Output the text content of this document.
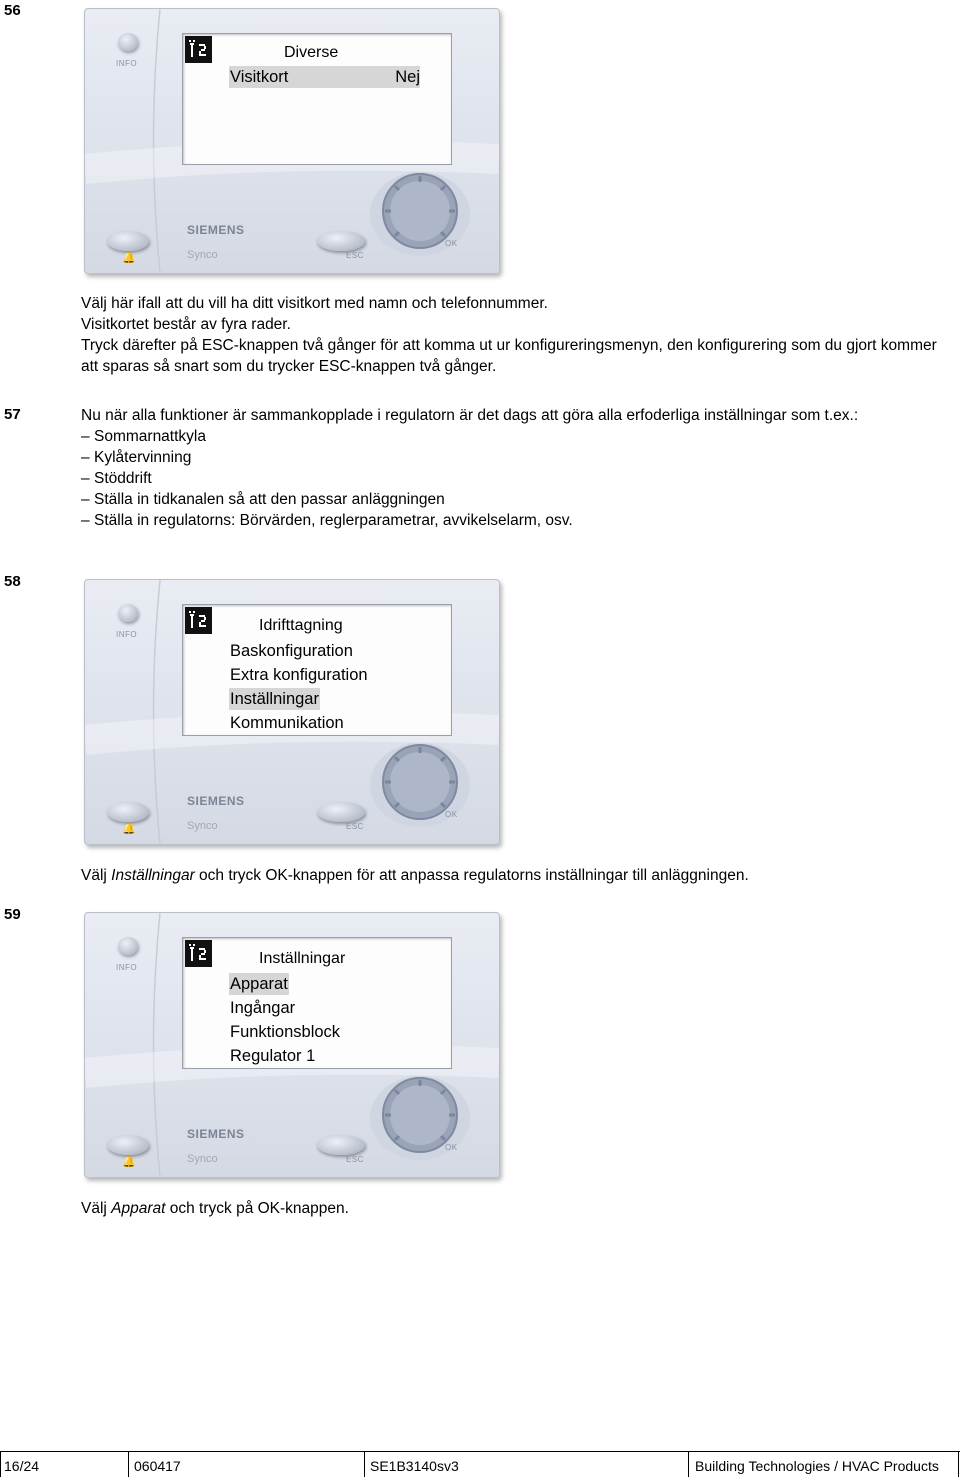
56
INFO
Diverse
Visitkort	Nej
OK
🔔
SIEMENS
Synco	ESC

Välj här ifall att du vill ha ditt visitkort med namn och telefonnummer.

Visitkortet består av fyra rader.

Tryck därefter på ESC-knappen två gånger för att komma ut ur konfigureringsmenyn, den konfigurering som du gjort kommer att sparas så snart som du trycker ESC-knappen två gånger.

57	Nu när alla funktioner är sammankopplade i regulatorn är det dags att göra alla erfoderliga inställningar som t.ex.:

– Sommarnattkyla
– Kylåtervinning
– Stöddrift
– Ställa in tidkanalen så att den passar anläggningen
– Ställa in regulatorns: Börvärden, reglerparametrar, avvikelselarm, osv.
58
INFO
Idrifttagning
Baskonfiguration
Extra konfiguration
Inställningar
Kommunikation
OK
🔔
SIEMENS
Synco	ESC

Välj Inställningar och tryck OK-knappen för att anpassa regulatorns inställningar till anläggningen.

59
INFO
Inställningar
Apparat
Ingångar
Funktionsblock
Regulator 1
OK
🔔
SIEMENS
Synco	ESC

Välj Apparat och tryck på OK-knappen.

16/24	060417	SE1B3140sv3	Building Technologies / HVAC Products
